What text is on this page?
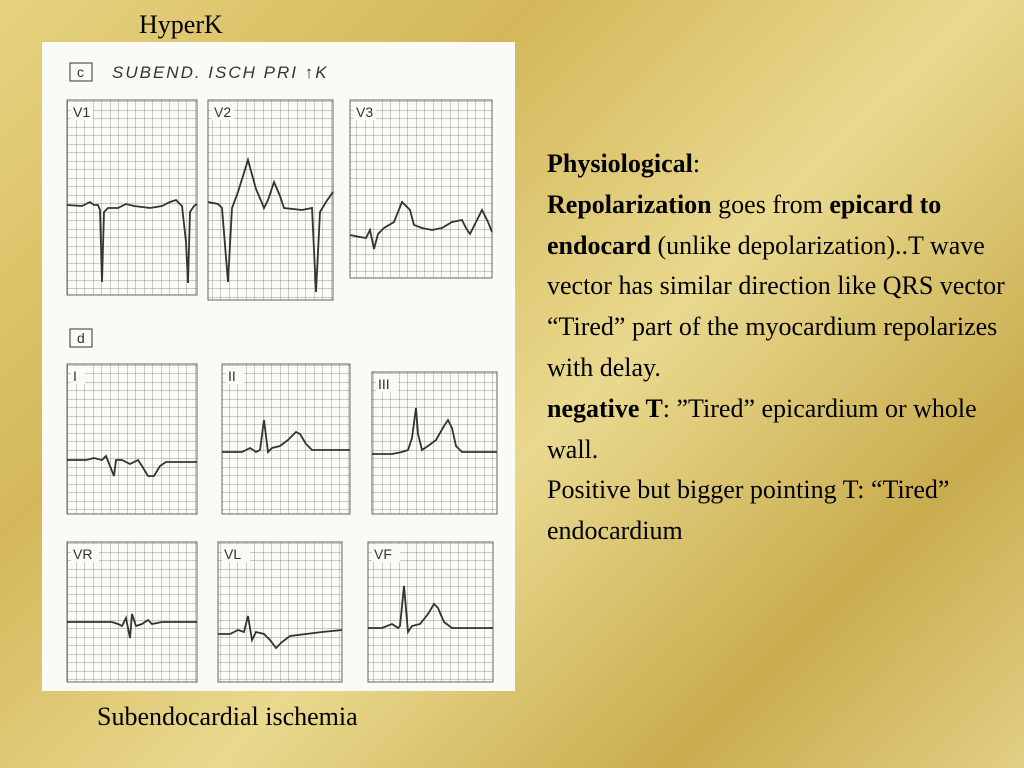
HyperK
c SUBEND. ISCH PRI ↑K
V1	V2	V3
d
I	II	III
VR	VL	VF

Physiological:

Repolarization goes from epicard to endocard (unlike depolarization)..T wave vector has similar direction like QRS vector

“Tired” part of the myocardium repolarizes with delay.

negative T: ”Tired” epicardium or whole wall.

Positive but bigger pointing T: “Tired” endocardium

Subendocardial ischemia
